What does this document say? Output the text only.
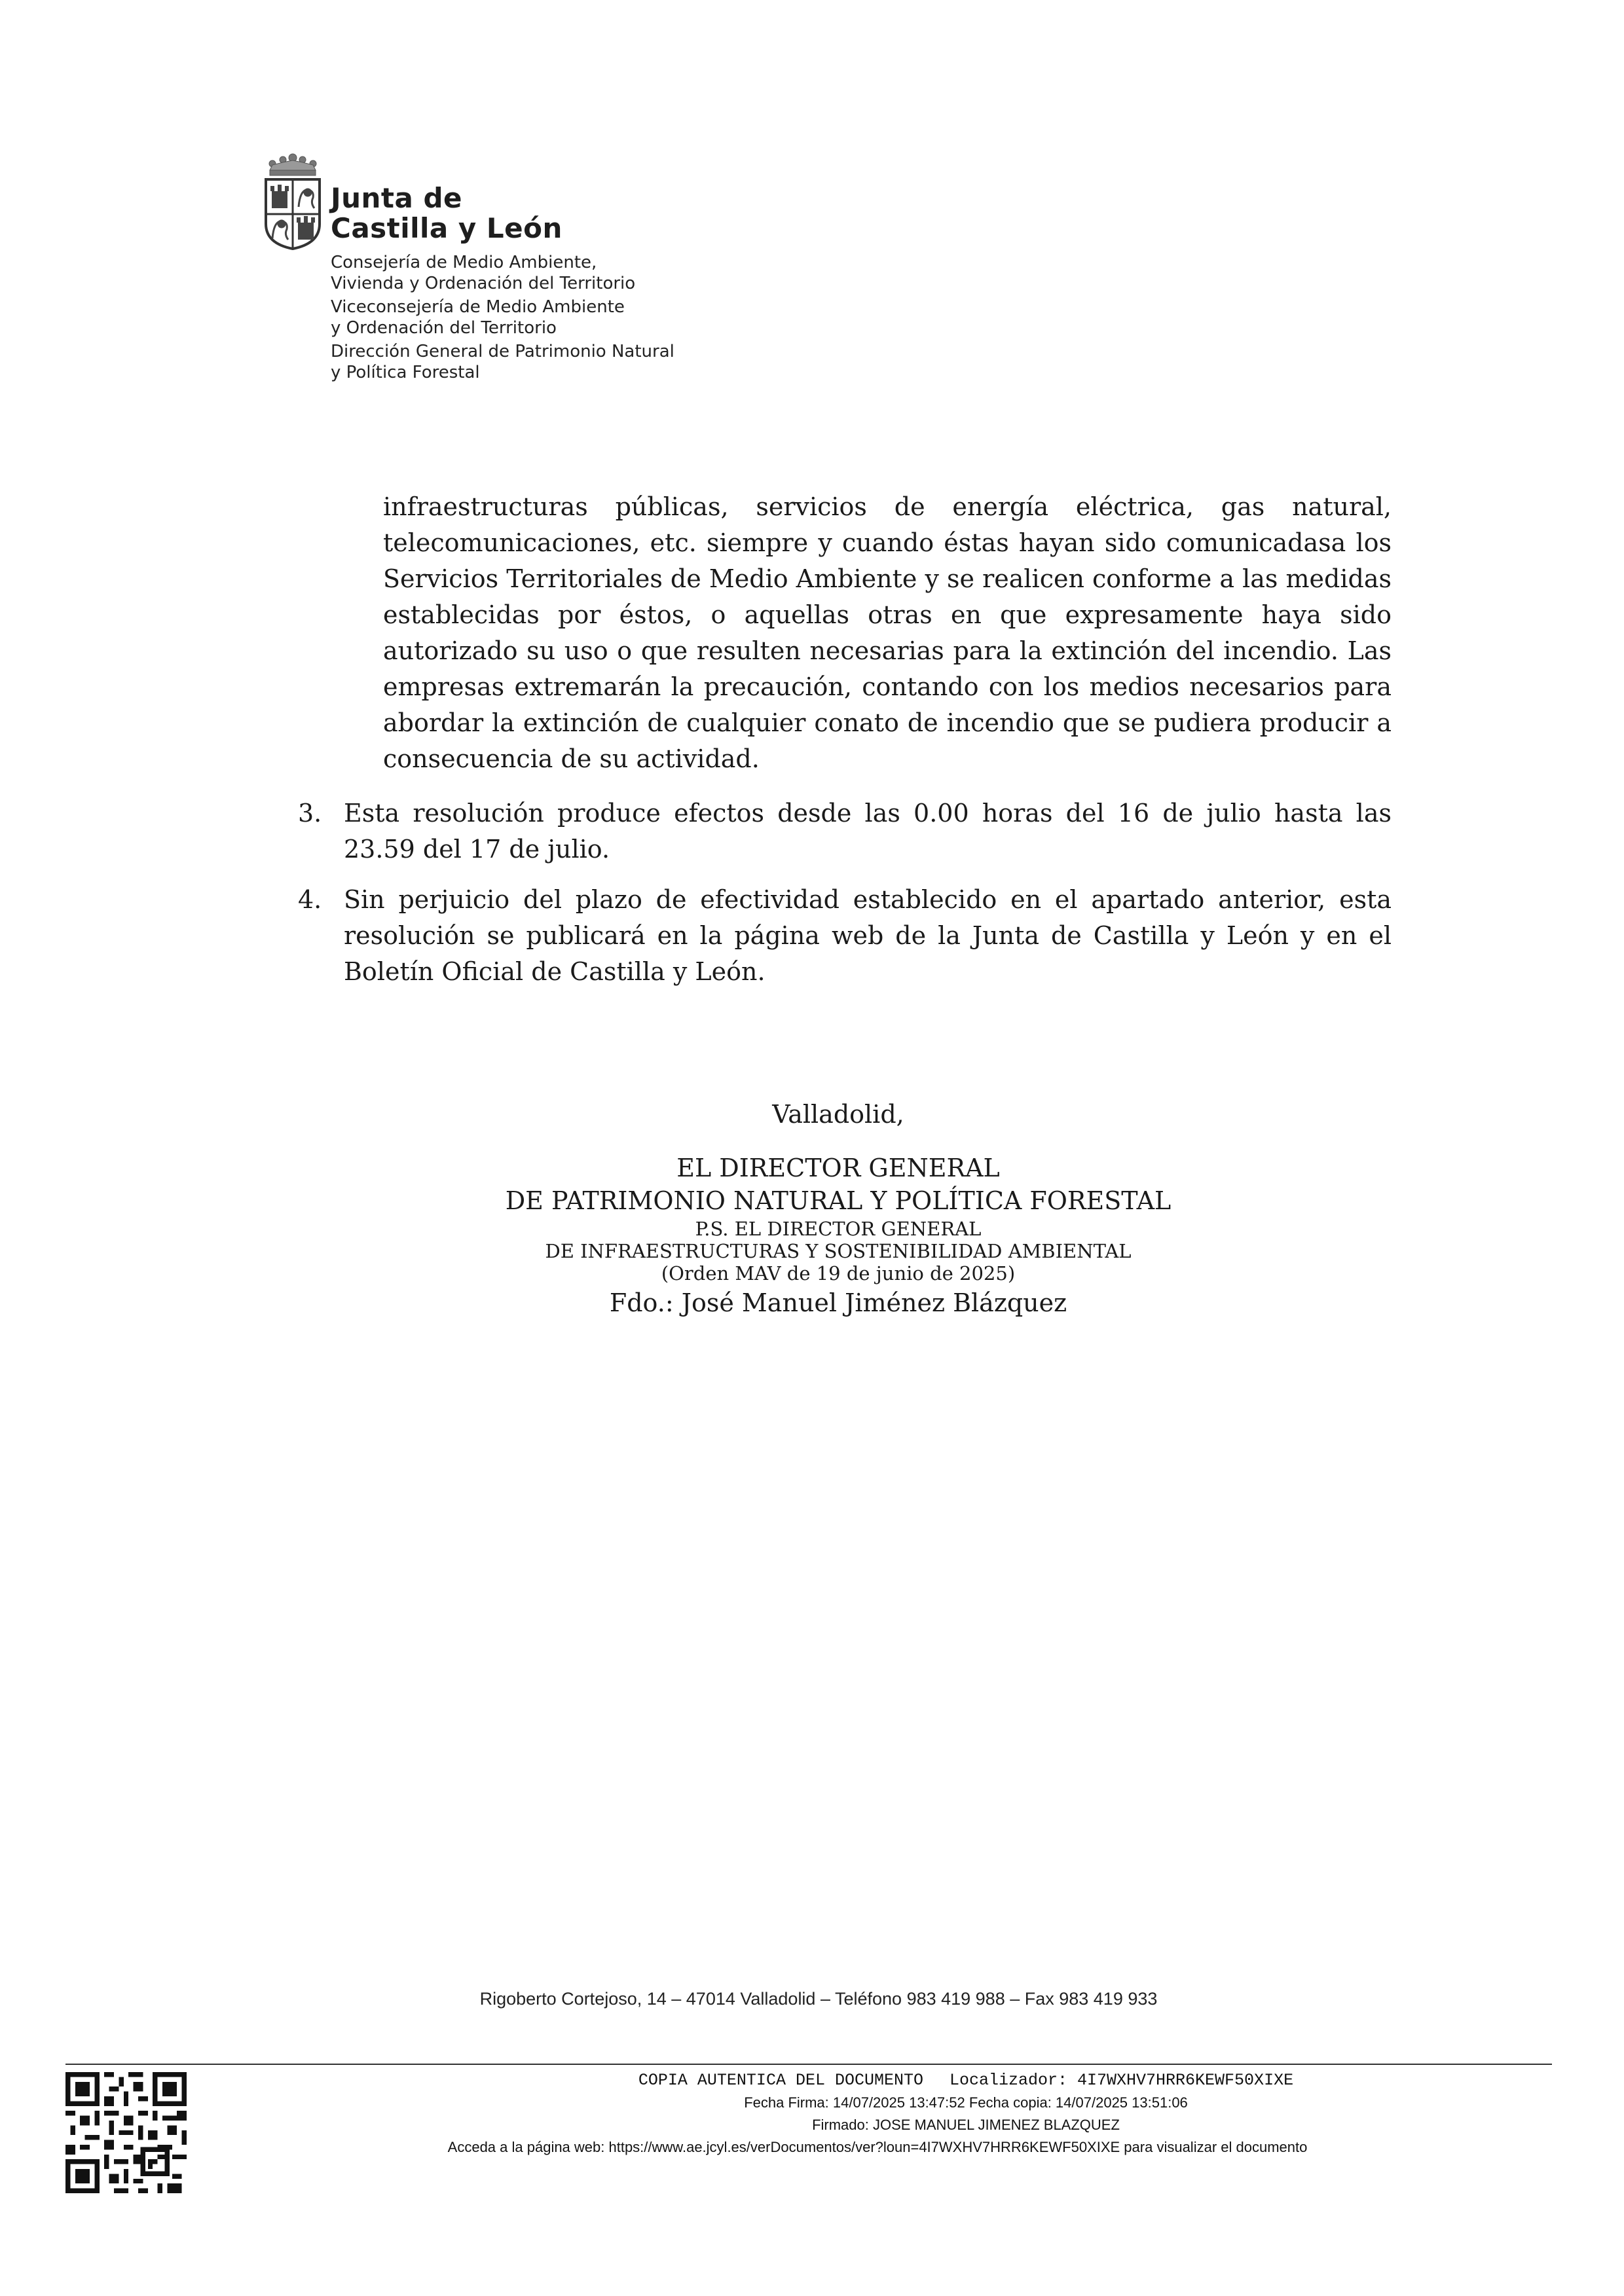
Junta de
Castilla y León
Consejería de Medio Ambiente,
Vivienda y Ordenación del Territorio
Viceconsejería de Medio Ambiente
y Ordenación del Territorio
Dirección General de Patrimonio Natural
y Política Forestal
infraestructuras públicas, servicios de energía eléctrica, gas natural, telecomunicaciones, etc. siempre y cuando éstas hayan sido comunicadasa los Servicios Territoriales de Medio Ambiente y se realicen conforme a las medidas establecidas por éstos, o aquellas otras en que expresamente haya sido autorizado su uso o que resulten necesarias para la extinción del incendio. Las empresas extremarán la precaución, contando con los medios necesarios para abordar la extinción de cualquier conato de incendio que se pudiera producir a consecuencia de su actividad.
3. Esta resolución produce efectos desde las 0.00 horas del 16 de julio hasta las 23.59 del 17 de julio.
4. Sin perjuicio del plazo de efectividad establecido en el apartado anterior, esta resolución se publicará en la página web de la Junta de Castilla y León y en el Boletín Oficial de Castilla y León.
Valladolid,
EL DIRECTOR GENERAL
DE PATRIMONIO NATURAL Y POLÍTICA FORESTAL
P.S. EL DIRECTOR GENERAL
DE INFRAESTRUCTURAS Y SOSTENIBILIDAD AMBIENTAL
(Orden MAV de 19 de junio de 2025)
Fdo.: José Manuel Jiménez Blázquez
Rigoberto Cortejoso, 14 – 47014 Valladolid – Teléfono 983 419 988 – Fax 983 419 933
COPIA AUTENTICA DEL DOCUMENTO Localizador: 4I7WXHV7HRR6KEWF50XIXE
Fecha Firma: 14/07/2025 13:47:52 Fecha copia: 14/07/2025 13:51:06
Firmado: JOSE MANUEL JIMENEZ BLAZQUEZ
Acceda a la página web: https://www.ae.jcyl.es/verDocumentos/ver?loun=4I7WXHV7HRR6KEWF50XIXE para visualizar el documento
